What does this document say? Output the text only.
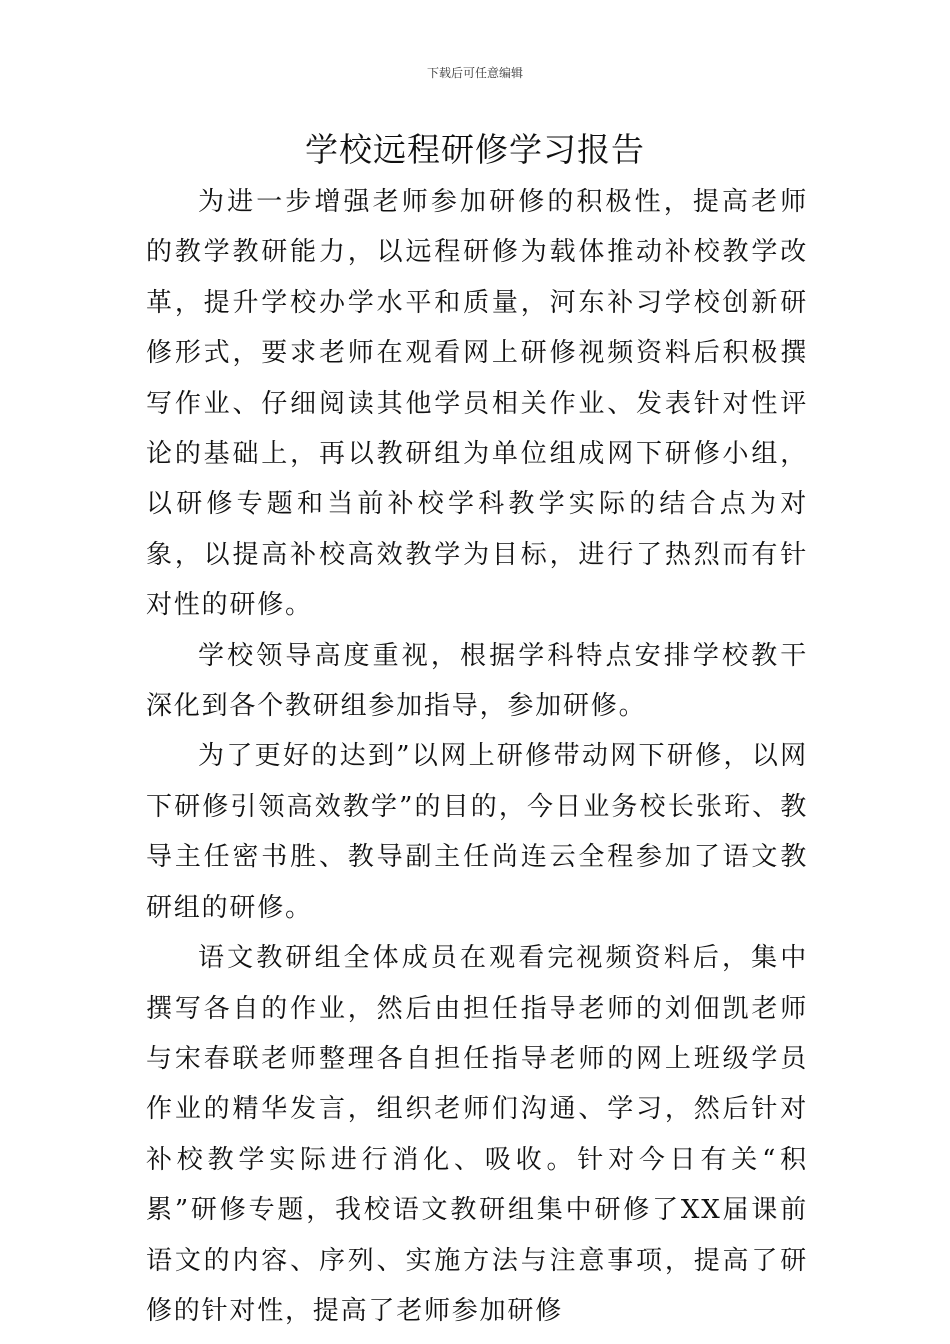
下载后可任意编辑
学校远程研修学习报告

为进一步增强老师参加研修的积极性，提高老师的教学教研能力，以远程研修为载体推动补校教学改革，提升学校办学水平和质量，河东补习学校创新研修形式，要求老师在观看网上研修视频资料后积极撰写作业、仔细阅读其他学员相关作业、发表针对性评论的基础上，再以教研组为单位组成网下研修小组，以研修专题和当前补校学科教学实际的结合点为对象，以提高补校高效教学为目标，进行了热烈而有针对性的研修。

学校领导高度重视，根据学科特点安排学校教干深化到各个教研组参加指导，参加研修。

为了更好的达到”以网上研修带动网下研修，以网下研修引领高效教学”的目的，今日业务校长张珩、教导主任密书胜、教导副主任尚连云全程参加了语文教研组的研修。

语文教研组全体成员在观看完视频资料后，集中撰写各自的作业，然后由担任指导老师的刘佃凯老师与宋春联老师整理各自担任指导老师的网上班级学员作业的精华发言，组织老师们沟通、学习，然后针对补校教学实际进行消化、吸收。针对今日有关“积累”研修专题，我校语文教研组集中研修了XX届课前语文的内容、序列、实施方法与注意事项，提高了研修的针对性，提高了老师参加研修
